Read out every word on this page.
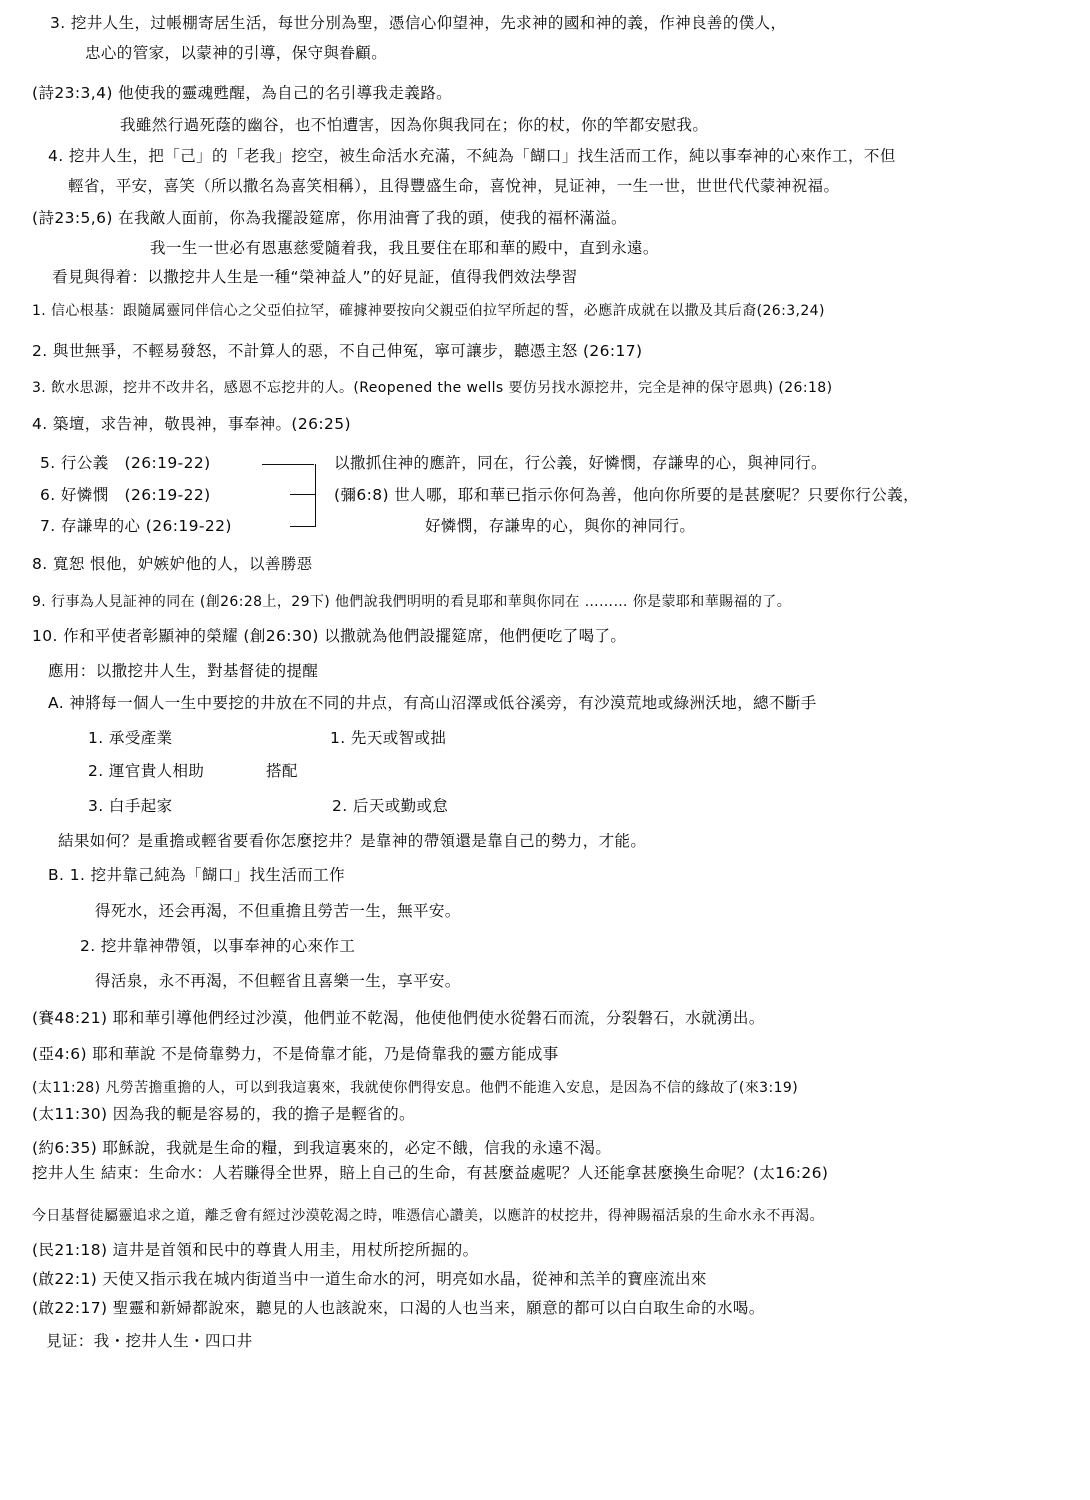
3. 挖井人生，过帳棚寄居生活，每世分別為聖，憑信心仰望神，先求神的國和神的義，作神良善的僕人，
忠心的管家，以蒙神的引導，保守與眷顧。
(詩23:3,4) 他使我的靈魂甦醒，為自己的名引導我走義路。
我雖然行過死蔭的幽谷，也不怕遭害，因為你與我同在；你的杖，你的竿都安慰我。
4. 挖井人生，把「己」的「老我」挖空，被生命活水充滿，不純為「餬口」找生活而工作，純以事奉神的心來作工，不但
輕省，平安，喜笑（所以撒名為喜笑相稱），且得豐盛生命，喜悅神，見证神，一生一世，世世代代蒙神祝福。
(詩23:5,6) 在我敵人面前，你為我擺設筵席，你用油膏了我的頭，使我的福杯滿溢。
我一生一世必有恩惠慈愛隨着我，我且要住在耶和華的殿中，直到永遠。
看見與得着：以撒挖井人生是一種“榮神益人”的好見証，值得我們效法學習
1. 信心根基：跟隨属靈同伴信心之父亞伯拉罕，確據神要按向父親亞伯拉罕所起的誓，必應許成就在以撒及其后裔(26:3,24)
2. 與世無爭，不輕易發怒，不計算人的惡，不自己伸冤，寧可讓步，聽憑主怒 (26:17)
3. 飲水思源，挖井不改井名，感恩不忘挖井的人。(Reopened the wells 要仿另找水源挖井，完全是神的保守恩典) (26:18)
4. 築壇，求告神，敬畏神，事奉神。(26:25)
5. 行公義　(26:19-22)
6. 好憐憫　(26:19-22)
7. 存謙卑的心 (26:19-22)
以撒抓住神的應許，同在，行公義，好憐憫，存謙卑的心，與神同行。
(彌6:8) 世人哪，耶和華已指示你何為善，他向你所要的是甚麼呢？只要你行公義，
好憐憫，存謙卑的心，與你的神同行。
8. 寬恕 恨他，妒嫉妒他的人，以善勝惡
9. 行事為人見証神的同在 (創26:28上，29下) 他們說我們明明的看見耶和華與你同在 ……… 你是蒙耶和華賜福的了。
10. 作和平使者彰顯神的榮耀 (創26:30) 以撒就為他們設擺筵席，他們便吃了喝了。
應用：以撒挖井人生，對基督徒的提醒
A. 神將每一個人一生中要挖的井放在不同的井点，有高山沼澤或低谷溪旁，有沙漠荒地或綠洲沃地，總不斷手
1. 承受產業	1. 先天或智或拙
2. 運官貴人相助	搭配
3. 白手起家	2. 后天或勤或怠
結果如何？是重擔或輕省要看你怎麼挖井？是靠神的帶領還是靠自己的勢力，才能。
B. 1. 挖井靠己純為「餬口」找生活而工作
得死水，还会再渴，不但重擔且勞苦一生，無平安。
2. 挖井靠神帶領，以事奉神的心來作工
得活泉，永不再渴，不但輕省且喜樂一生，享平安。
(賽48:21) 耶和華引導他們经过沙漠，他們並不乾渴，他使他們使水從磐石而流，分裂磐石，水就湧出。
(亞4:6) 耶和華說 不是倚靠勢力，不是倚靠才能，乃是倚靠我的靈方能成事
(太11:28) 凡勞苦擔重擔的人，可以到我這裏來，我就使你們得安息。他們不能進入安息，是因為不信的緣故了(來3:19)
(太11:30) 因為我的軛是容易的，我的擔子是輕省的。
(約6:35) 耶穌說，我就是生命的糧，到我這裏來的，必定不餓，信我的永遠不渴。
挖井人生 結束：生命水：人若賺得全世界，賠上自己的生命，有甚麼益處呢？人还能拿甚麼換生命呢？(太16:26)
今日基督徒屬靈追求之道，離乏會有經过沙漠乾渴之時，唯憑信心讚美，以應許的杖挖井，得神賜福活泉的生命水永不再渴。
(民21:18) 這井是首領和民中的尊貴人用圭，用杖所挖所掘的。
(啟22:1) 天使又指示我在城内街道当中一道生命水的河，明亮如水晶，從神和羔羊的寶座流出來
(啟22:17) 聖靈和新婦都說來，聽見的人也該說來，口渴的人也当来，願意的都可以白白取生命的水喝。
見证：我・挖井人生・四口井
